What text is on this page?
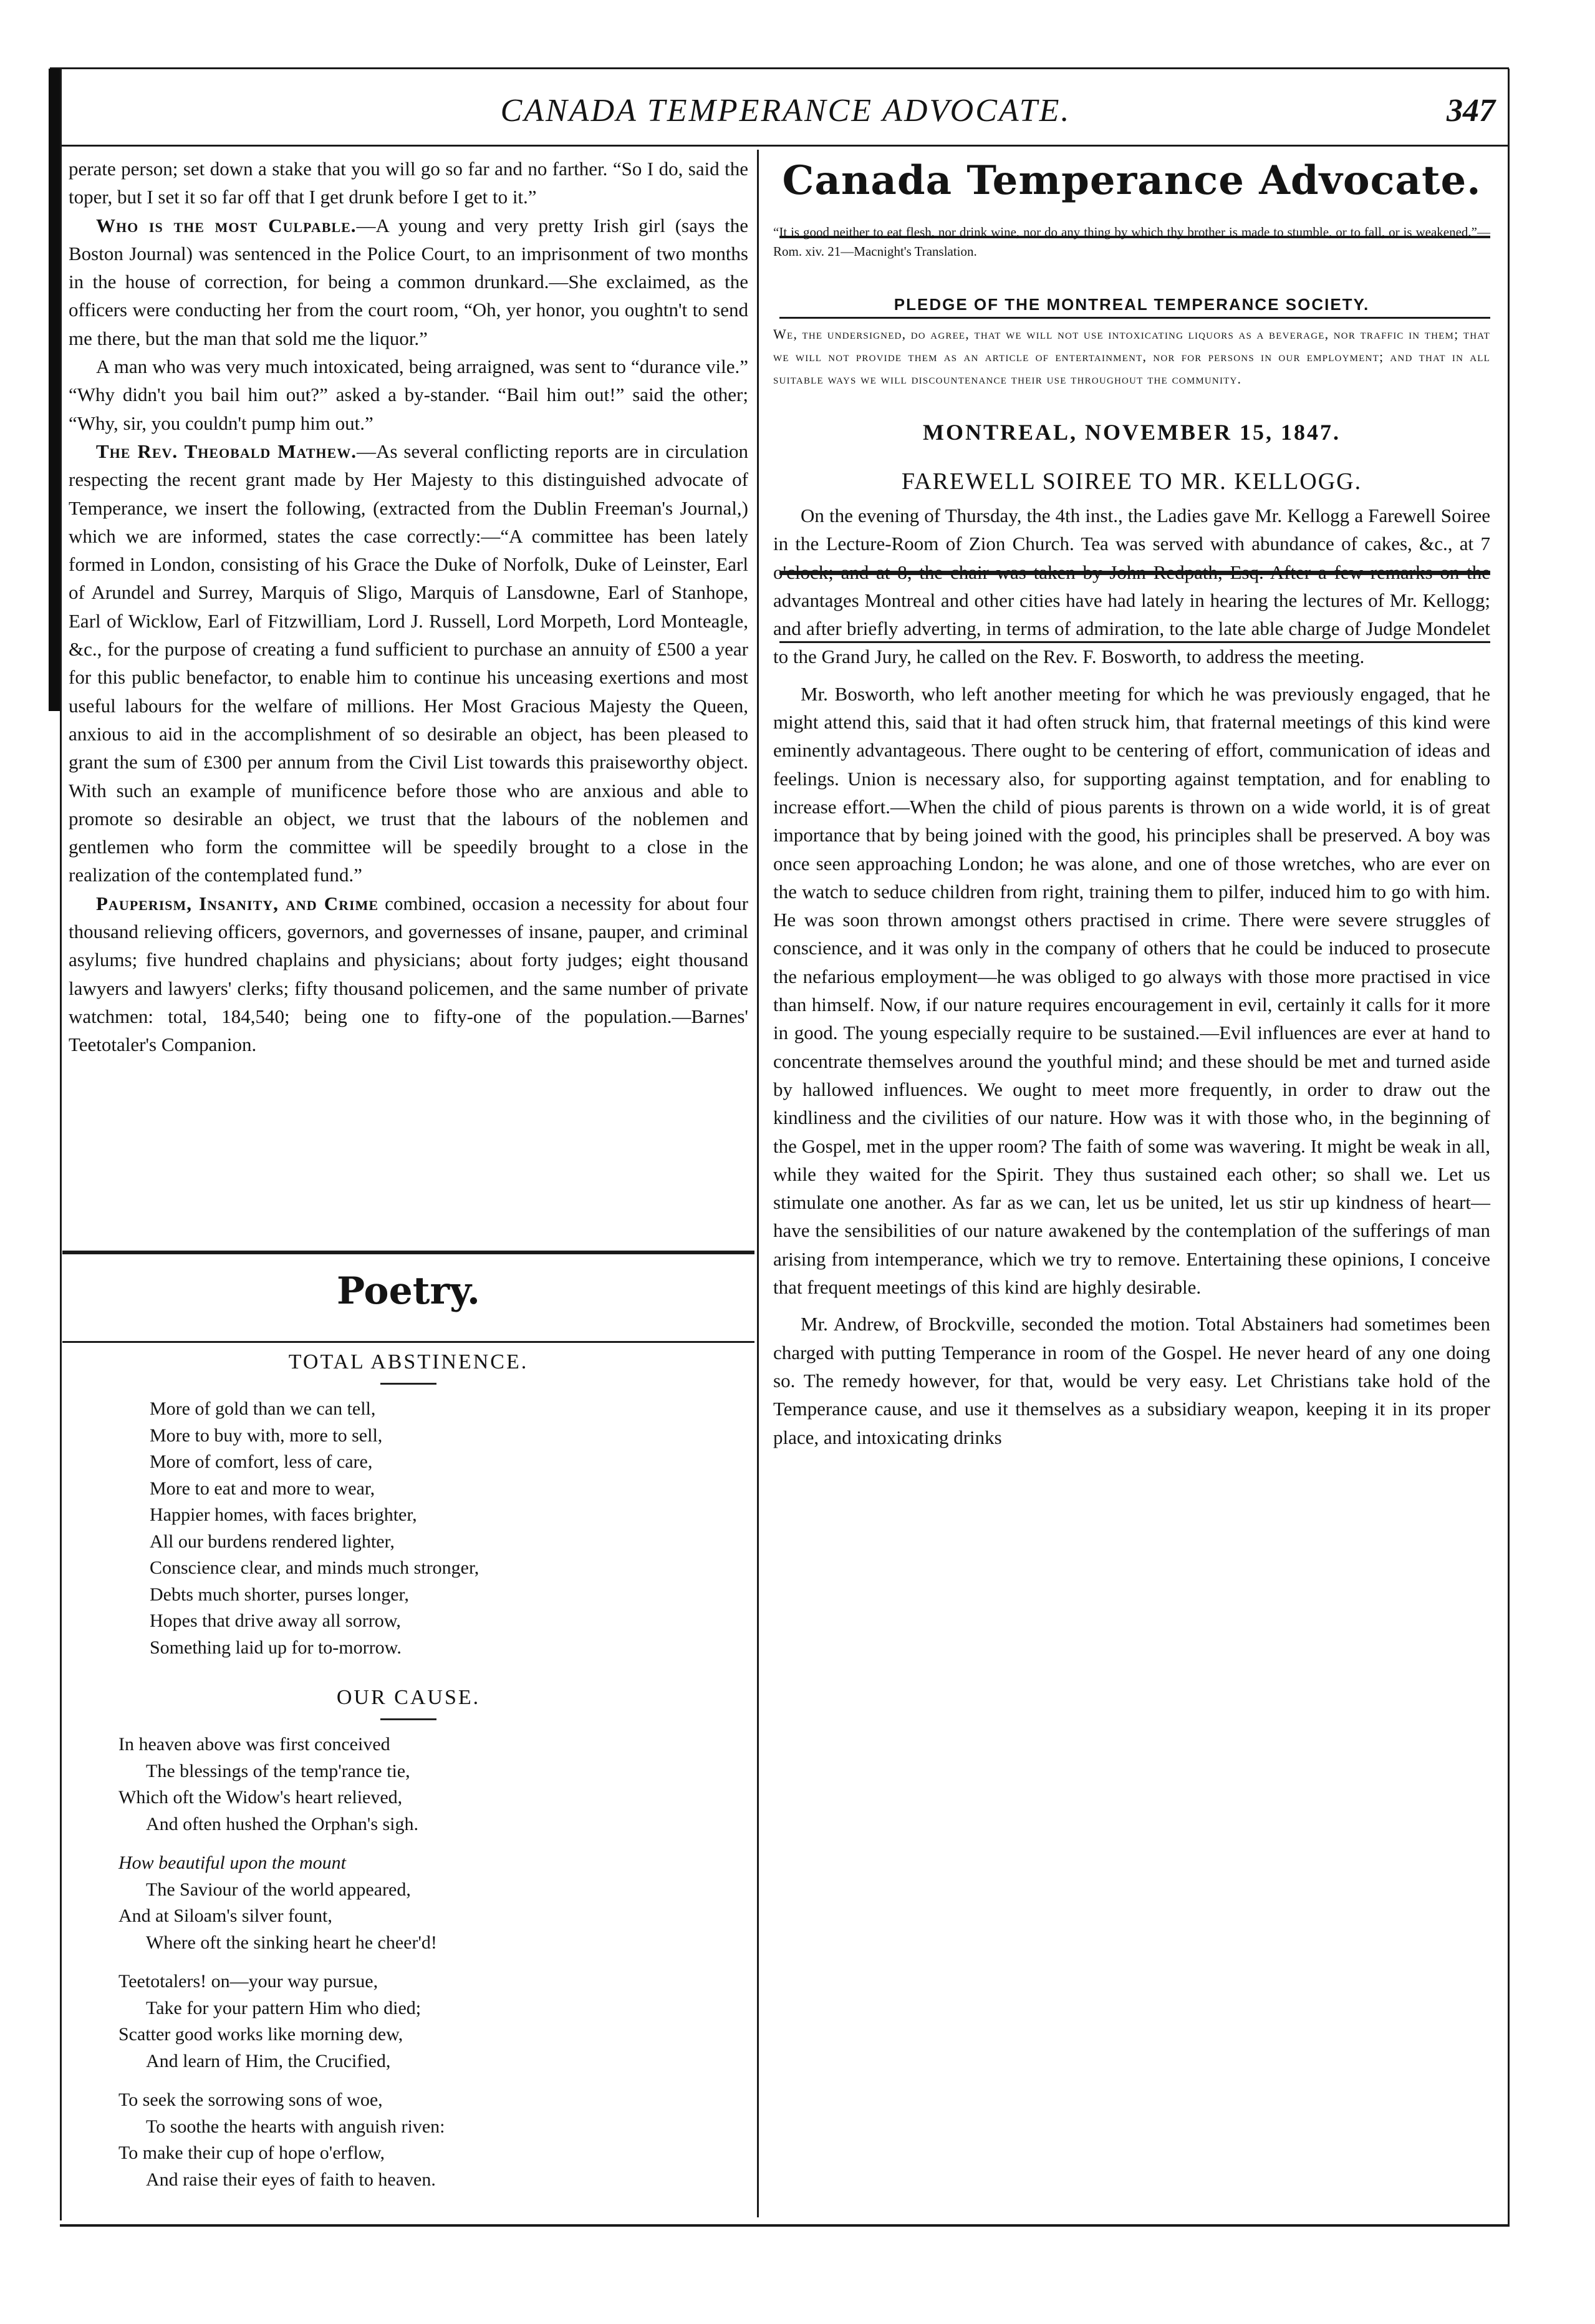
CANADA TEMPERANCE ADVOCATE.	347

perate person; set down a stake that you will go so far and no farther. “So I do, said the toper, but I set it so far off that I get drunk before I get to it.”

Who is the most Culpable.—A young and very pretty Irish girl (says the Boston Journal) was sentenced in the Police Court, to an imprisonment of two months in the house of correction, for being a common drunkard.—She exclaimed, as the officers were conducting her from the court room, “Oh, yer honor, you oughtn't to send me there, but the man that sold me the liquor.”

A man who was very much intoxicated, being arraigned, was sent to “durance vile.” “Why didn't you bail him out?” asked a by-stander. “Bail him out!” said the other; “Why, sir, you couldn't pump him out.”

The Rev. Theobald Mathew.—As several conflicting reports are in circulation respecting the recent grant made by Her Majesty to this distinguished advocate of Temperance, we insert the following, (extracted from the Dublin Freeman's Journal,) which we are informed, states the case correctly:—“A committee has been lately formed in London, consisting of his Grace the Duke of Norfolk, Duke of Leinster, Earl of Arundel and Surrey, Marquis of Sligo, Marquis of Lansdowne, Earl of Stanhope, Earl of Wicklow, Earl of Fitzwilliam, Lord J. Russell, Lord Morpeth, Lord Monteagle, &c., for the purpose of creating a fund sufficient to purchase an annuity of £500 a year for this public benefactor, to enable him to continue his unceasing exertions and most useful labours for the welfare of millions. Her Most Gracious Majesty the Queen, anxious to aid in the accomplishment of so desirable an object, has been pleased to grant the sum of £300 per annum from the Civil List towards this praiseworthy object. With such an example of munificence before those who are anxious and able to promote so desirable an object, we trust that the labours of the noblemen and gentlemen who form the committee will be speedily brought to a close in the realization of the contemplated fund.”

Pauperism, Insanity, and Crime combined, occasion a necessity for about four thousand relieving officers, governors, and governesses of insane, pauper, and criminal asylums; five hundred chaplains and physicians; about forty judges; eight thousand lawyers and lawyers' clerks; fifty thousand policemen, and the same number of private watchmen: total, 184,540; being one to fifty-one of the population.—Barnes' Teetotaler's Companion.

Poetry.
TOTAL ABSTINENCE.
More of gold than we can tell,
More to buy with, more to sell,
More of comfort, less of care,
More to eat and more to wear,
Happier homes, with faces brighter,
All our burdens rendered lighter,
Conscience clear, and minds much stronger,
Debts much shorter, purses longer,
Hopes that drive away all sorrow,
Something laid up for to-morrow.
OUR CAUSE.
In heaven above was first conceived
The blessings of the temp'rance tie,
Which oft the Widow's heart relieved,
And often hushed the Orphan's sigh.
How beautiful upon the mount
The Saviour of the world appeared,
And at Siloam's silver fount,
Where oft the sinking heart he cheer'd!
Teetotalers! on—your way pursue,
Take for your pattern Him who died;
Scatter good works like morning dew,
And learn of Him, the Crucified,
To seek the sorrowing sons of woe,
To soothe the hearts with anguish riven:
To make their cup of hope o'erflow,
And raise their eyes of faith to heaven.
Canada Temperance Advocate.

“It is good neither to eat flesh, nor drink wine, nor do any thing by which thy brother is made to stumble, or to fall, or is weakened.”—Rom. xiv. 21—Macnight's Translation.

PLEDGE OF THE MONTREAL TEMPERANCE SOCIETY.

We, the undersigned, do agree, that we will not use intoxicating liquors as a beverage, nor traffic in them; that we will not provide them as an article of entertainment, nor for persons in our employment; and that in all suitable ways we will discountenance their use throughout the community.

MONTREAL, NOVEMBER 15, 1847.
FAREWELL SOIREE TO MR. KELLOGG.

On the evening of Thursday, the 4th inst., the Ladies gave Mr. Kellogg a Farewell Soiree in the Lecture-Room of Zion Church. Tea was served with abundance of cakes, &c., at 7 o'clock; and at 8, the chair was taken by John Redpath, Esq. After a few remarks on the advantages Montreal and other cities have had lately in hearing the lectures of Mr. Kellogg; and after briefly adverting, in terms of admiration, to the late able charge of Judge Mondelet to the Grand Jury, he called on the Rev. F. Bosworth, to address the meeting.

Mr. Bosworth, who left another meeting for which he was previously engaged, that he might attend this, said that it had often struck him, that fraternal meetings of this kind were eminently advantageous. There ought to be centering of effort, communication of ideas and feelings. Union is necessary also, for supporting against temptation, and for enabling to increase effort.—When the child of pious parents is thrown on a wide world, it is of great importance that by being joined with the good, his principles shall be preserved. A boy was once seen approaching London; he was alone, and one of those wretches, who are ever on the watch to seduce children from right, training them to pilfer, induced him to go with him. He was soon thrown amongst others practised in crime. There were severe struggles of conscience, and it was only in the company of others that he could be induced to prosecute the nefarious employment—he was obliged to go always with those more practised in vice than himself. Now, if our nature requires encouragement in evil, certainly it calls for it more in good. The young especially require to be sustained.—Evil influences are ever at hand to concentrate themselves around the youthful mind; and these should be met and turned aside by hallowed influences. We ought to meet more frequently, in order to draw out the kindliness and the civilities of our nature. How was it with those who, in the beginning of the Gospel, met in the upper room? The faith of some was wavering. It might be weak in all, while they waited for the Spirit. They thus sustained each other; so shall we. Let us stimulate one another. As far as we can, let us be united, let us stir up kindness of heart—have the sensibilities of our nature awakened by the contemplation of the sufferings of man arising from intemperance, which we try to remove. Entertaining these opinions, I conceive that frequent meetings of this kind are highly desirable.

Mr. Andrew, of Brockville, seconded the motion. Total Abstainers had sometimes been charged with putting Temperance in room of the Gospel. He never heard of any one doing so. The remedy however, for that, would be very easy. Let Christians take hold of the Temperance cause, and use it themselves as a subsidiary weapon, keeping it in its proper place, and intoxicating drinks
